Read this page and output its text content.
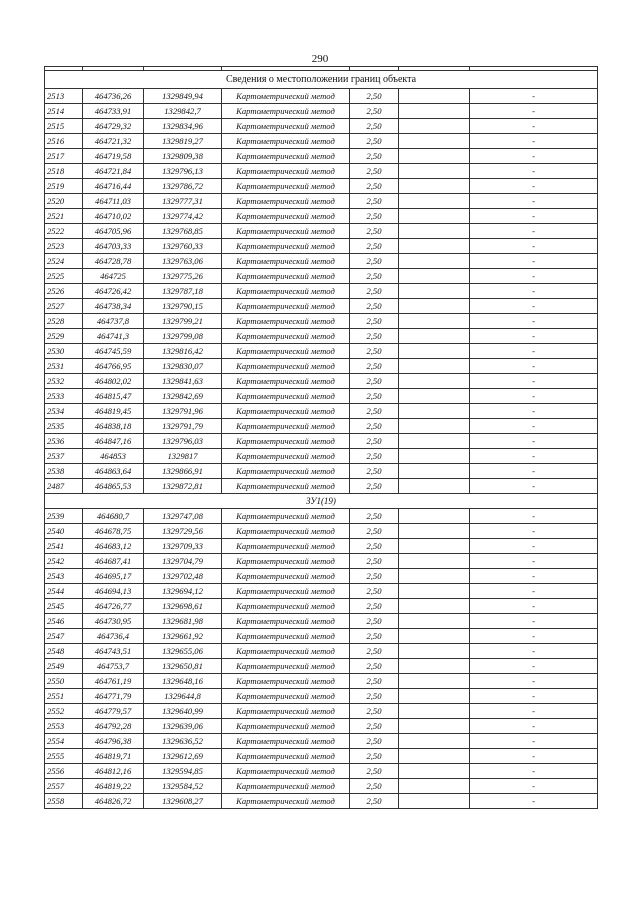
290

Сведения о местоположении границ объекта						
2513	464736,26	1329849,94	Картометрический метод	2,50		-
2514	464733,91	1329842,7	Картометрический метод	2,50		-
2515	464729,32	1329834,96	Картометрический метод	2,50		-
2516	464721,32	1329819,27	Картометрический метод	2,50		-
2517	464719,58	1329809,38	Картометрический метод	2,50		-
2518	464721,84	1329796,13	Картометрический метод	2,50		-
2519	464716,44	1329786,72	Картометрический метод	2,50		-
2520	464711,03	1329777,31	Картометрический метод	2,50		-
2521	464710,02	1329774,42	Картометрический метод	2,50		-
2522	464705,96	1329768,85	Картометрический метод	2,50		-
2523	464703,33	1329760,33	Картометрический метод	2,50		-
2524	464728,78	1329763,06	Картометрический метод	2,50		-
2525	464725	1329775,26	Картометрический метод	2,50		-
2526	464726,42	1329787,18	Картометрический метод	2,50		-
2527	464738,34	1329790,15	Картометрический метод	2,50		-
2528	464737,8	1329799,21	Картометрический метод	2,50		-
2529	464741,3	1329799,08	Картометрический метод	2,50		-
2530	464745,59	1329816,42	Картометрический метод	2,50		-
2531	464766,95	1329830,07	Картометрический метод	2,50		-
2532	464802,02	1329841,63	Картометрический метод	2,50		-
2533	464815,47	1329842,69	Картометрический метод	2,50		-
2534	464819,45	1329791,96	Картометрический метод	2,50		-
2535	464838,18	1329791,79	Картометрический метод	2,50		-
2536	464847,16	1329796,03	Картометрический метод	2,50		-
2537	464853	1329817	Картометрический метод	2,50		-
2538	464863,64	1329866,91	Картометрический метод	2,50		-
2487	464865,53	1329872,81	Картометрический метод	2,50		-
ЗУ1(19)						
2539	464680,7	1329747,08	Картометрический метод	2,50		-
2540	464678,75	1329729,56	Картометрический метод	2,50		-
2541	464683,12	1329709,33	Картометрический метод	2,50		-
2542	464687,41	1329704,79	Картометрический метод	2,50		-
2543	464695,17	1329702,48	Картометрический метод	2,50		-
2544	464694,13	1329694,12	Картометрический метод	2,50		-
2545	464726,77	1329698,61	Картометрический метод	2,50		-
2546	464730,95	1329681,98	Картометрический метод	2,50		-
2547	464736,4	1329661,92	Картометрический метод	2,50		-
2548	464743,51	1329655,06	Картометрический метод	2,50		-
2549	464753,7	1329650,81	Картометрический метод	2,50		-
2550	464761,19	1329648,16	Картометрический метод	2,50		-
2551	464771,79	1329644,8	Картометрический метод	2,50		-
2552	464779,57	1329640,99	Картометрический метод	2,50		-
2553	464792,28	1329639,06	Картометрический метод	2,50		-
2554	464796,38	1329636,52	Картометрический метод	2,50		-
2555	464819,71	1329612,69	Картометрический метод	2,50		-
2556	464812,16	1329594,85	Картометрический метод	2,50		-
2557	464819,22	1329584,52	Картометрический метод	2,50		-
2558	464826,72	1329608,27	Картометрический метод	2,50		-
